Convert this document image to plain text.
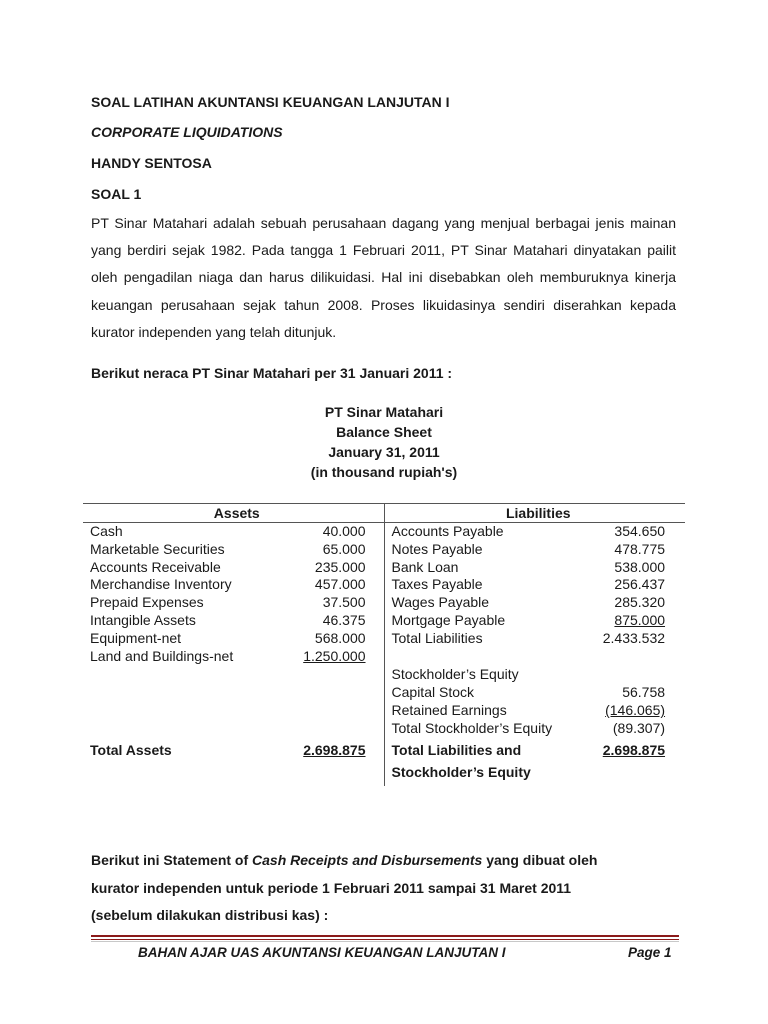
SOAL LATIHAN AKUNTANSI KEUANGAN LANJUTAN I
CORPORATE LIQUIDATIONS
HANDY SENTOSA
SOAL 1

PT Sinar Matahari adalah sebuah perusahaan dagang yang menjual berbagai jenis mainan yang berdiri sejak 1982. Pada tangga 1 Februari 2011, PT Sinar Matahari dinyatakan pailit oleh pengadilan niaga dan harus dilikuidasi. Hal ini disebabkan oleh memburuknya kinerja keuangan perusahaan sejak tahun 2008. Proses likuidasinya sendiri diserahkan kepada kurator independen yang telah ditunjuk.

Berikut neraca PT Sinar Matahari per 31 Januari 2011 :
PT Sinar Matahari
Balance Sheet
January 31, 2011
(in thousand rupiah's)
Assets		Liabilities	
Cash	40.000	Accounts Payable	354.650
Marketable Securities	65.000	Notes Payable	478.775
Accounts Receivable	235.000	Bank Loan	538.000
Merchandise Inventory	457.000	Taxes Payable	256.437
Prepaid Expenses	37.500	Wages Payable	285.320
Intangible Assets	46.375	Mortgage Payable	875.000
Equipment-net	568.000	Total Liabilities	2.433.532
Land and Buildings-net	1.250.000		
		Stockholder’s Equity	
		Capital Stock	56.758
		Retained Earnings	(146.065)
		Total Stockholder’s Equity	(89.307)
Total Assets	2.698.875	Total Liabilities and	2.698.875
		Stockholder’s Equity	
Berikut ini Statement of Cash Receipts and Disbursements yang dibuat oleh
kurator independen untuk periode 1 Februari 2011 sampai 31 Maret 2011
(sebelum dilakukan distribusi kas) :
BAHAN AJAR UAS AKUNTANSI KEUANGAN LANJUTAN I	Page 1
